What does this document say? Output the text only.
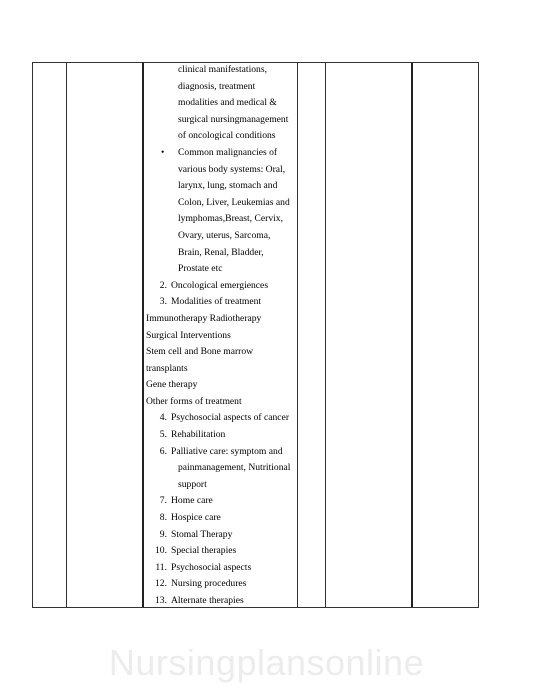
clinical manifestations,
diagnosis, treatment
modalities and medical &
surgical nursingmanagement
of oncological conditions
• Common malignancies of
various body systems: Oral,
larynx, lung, stomach and
Colon, Liver, Leukemias and
lymphomas,Breast, Cervix,
Ovary, uterus, Sarcoma,
Brain, Renal, Bladder,
Prostate etc
2. Oncological emergiences
3. Modalities of treatment
Immunotherapy Radiotherapy
Surgical Interventions
Stem cell and Bone marrow
transplants
Gene therapy
Other forms of treatment
4. Psychosocial aspects of cancer
5. Rehabilitation
6. Palliative care: symptom and
painmanagement, Nutritional
support
7. Home care
8. Hospice care
9. Stomal Therapy
10. Special therapies
11. Psychosocial aspects
12. Nursing procedures
13. Alternate therapies
Nursingplansonline
